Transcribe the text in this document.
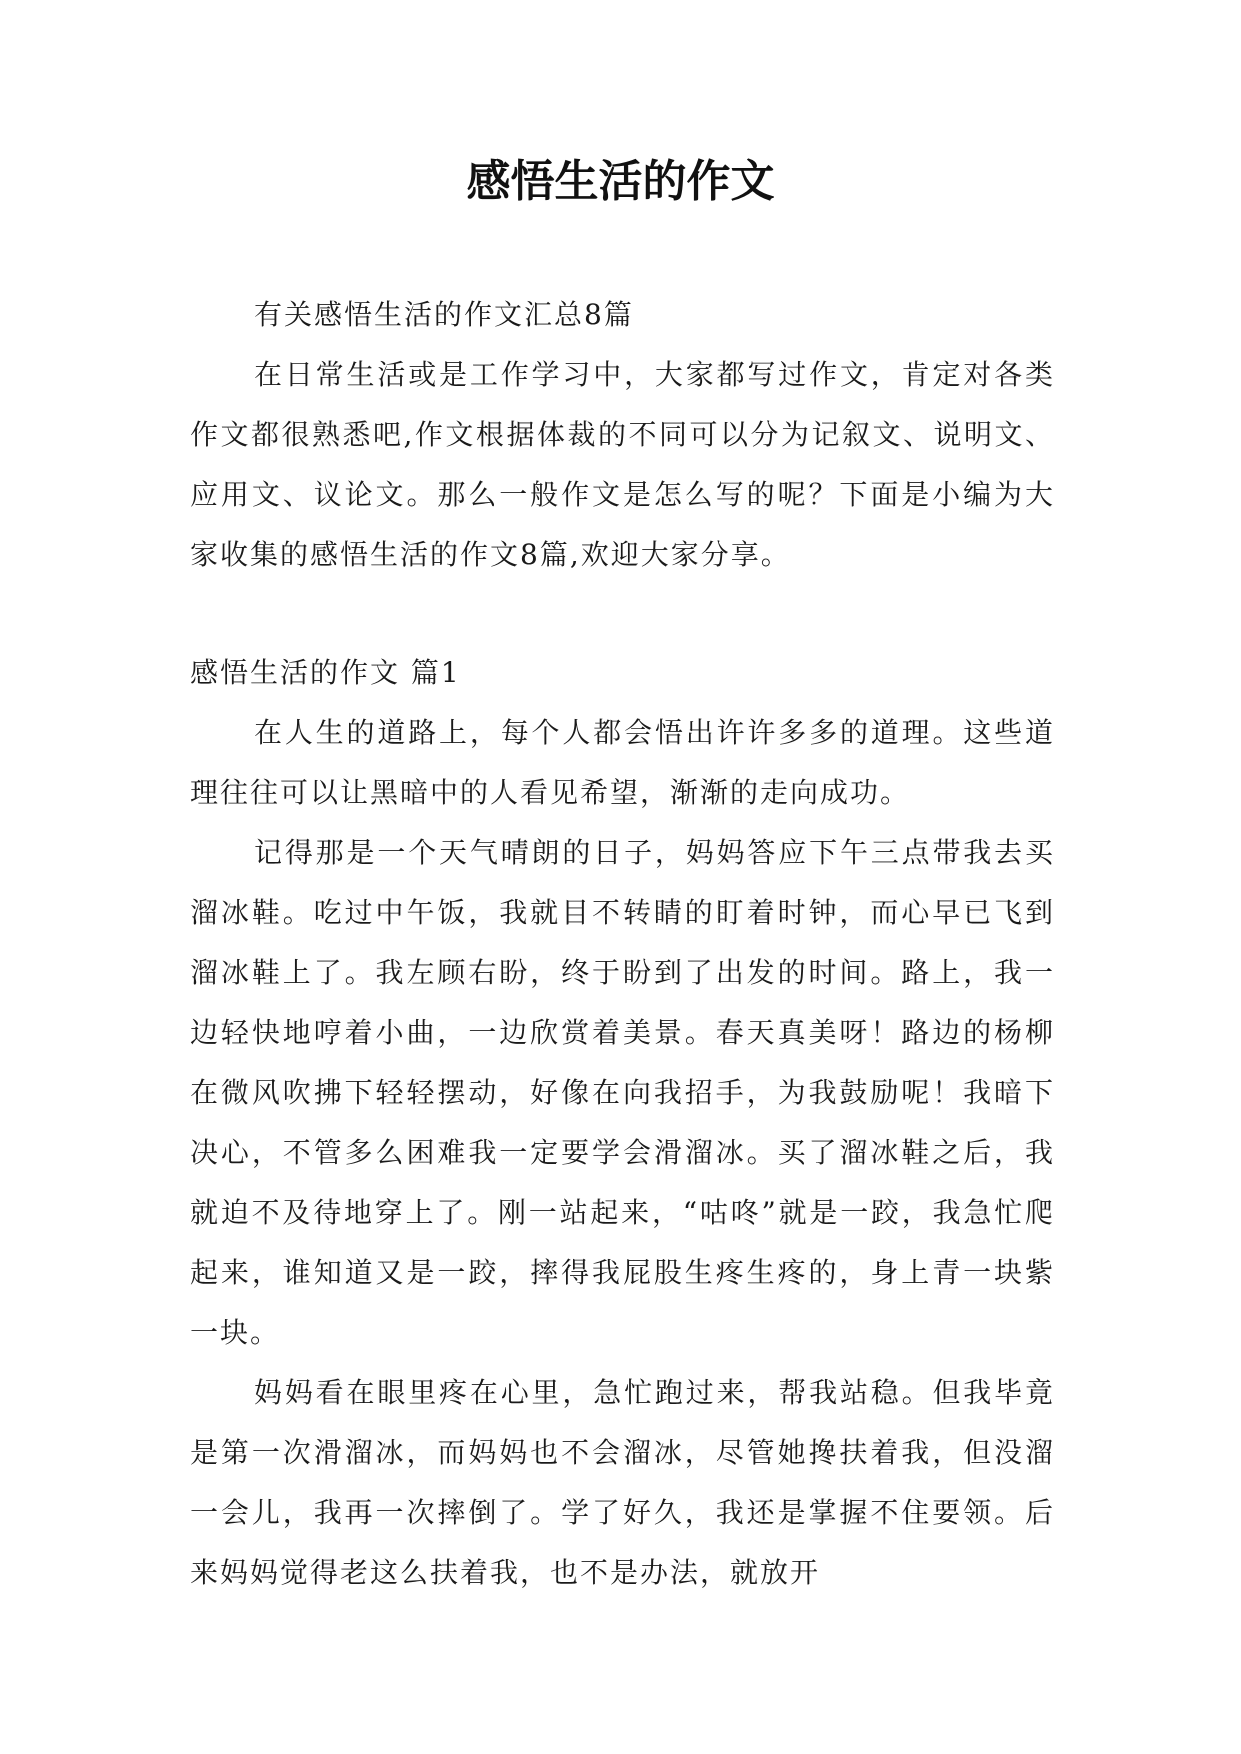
感悟生活的作文

有关感悟生活的作文汇总8篇

在日常生活或是工作学习中，大家都写过作文，肯定对各类作文都很熟悉吧,作文根据体裁的不同可以分为记叙文、说明文、应用文、议论文。那么一般作文是怎么写的呢？下面是小编为大家收集的感悟生活的作文8篇,欢迎大家分享。

感悟生活的作文 篇1

在人生的道路上，每个人都会悟出许许多多的道理。这些道理往往可以让黑暗中的人看见希望，渐渐的走向成功。

记得那是一个天气晴朗的日子，妈妈答应下午三点带我去买溜冰鞋。吃过中午饭，我就目不转睛的盯着时钟，而心早已飞到溜冰鞋上了。我左顾右盼，终于盼到了出发的时间。路上，我一边轻快地哼着小曲，一边欣赏着美景。春天真美呀！路边的杨柳在微风吹拂下轻轻摆动，好像在向我招手，为我鼓励呢！我暗下决心，不管多么困难我一定要学会滑溜冰。买了溜冰鞋之后，我就迫不及待地穿上了。刚一站起来，“咕咚”就是一跤，我急忙爬起来，谁知道又是一跤，摔得我屁股生疼生疼的，身上青一块紫一块。

妈妈看在眼里疼在心里，急忙跑过来，帮我站稳。但我毕竟是第一次滑溜冰，而妈妈也不会溜冰，尽管她搀扶着我，但没溜一会儿，我再一次摔倒了。学了好久，我还是掌握不住要领。后来妈妈觉得老这么扶着我，也不是办法，就放开
